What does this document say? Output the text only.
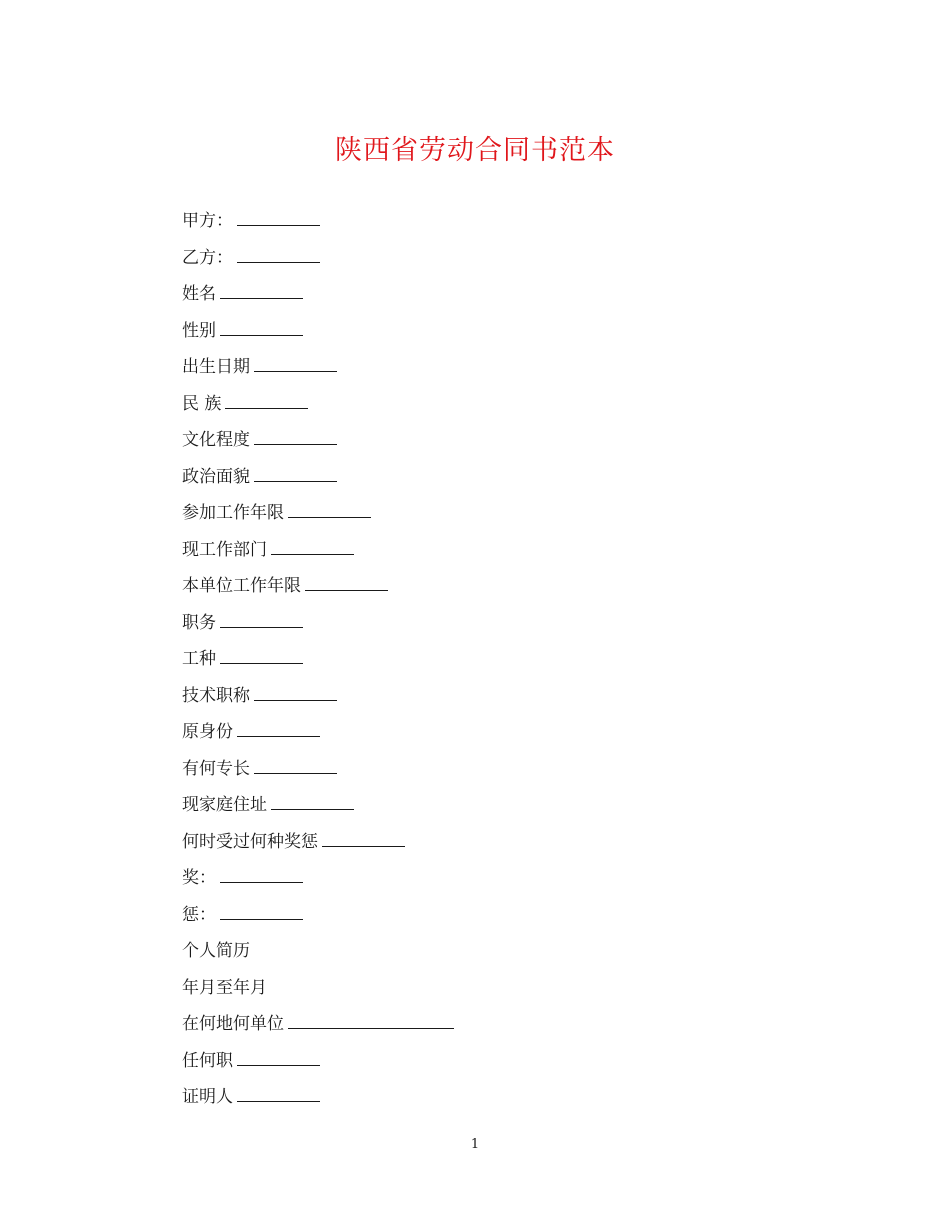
陕西省劳动合同书范本
甲方：
乙方：
姓名
性别
出生日期
民 族
文化程度
政治面貌
参加工作年限
现工作部门
本单位工作年限
职务
工种
技术职称
原身份
有何专长
现家庭住址
何时受过何种奖惩
奖：
惩：
个人简历
年月至年月
在何地何单位
任何职
证明人
1
